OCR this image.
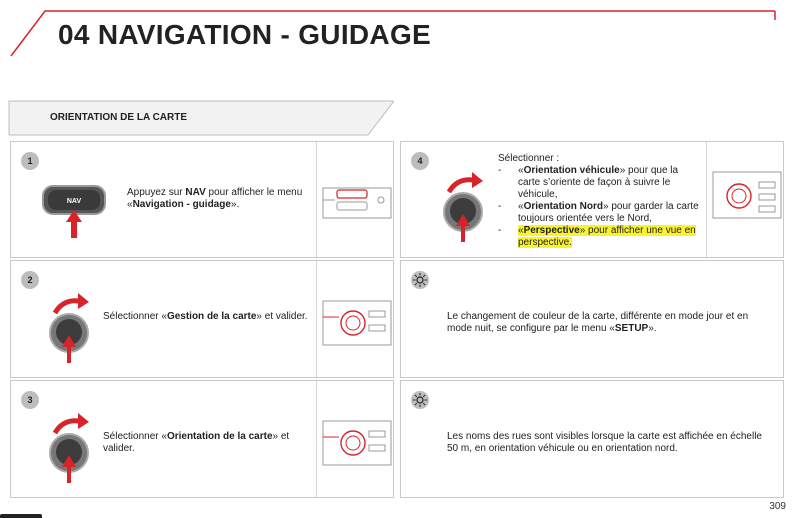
04 NAVIGATION - GUIDAGE
ORIENTATION DE LA CARTE
1
NAV
Appuyez sur NAV pour afficher le menu «Navigation - guidage».
2
Sélectionner «Gestion de la carte» et valider.
3
Sélectionner «Orientation de la carte» et valider.
4	Sélectionner :
- «Orientation véhicule» pour que la carte s’oriente de façon à suivre le véhicule,
- «Orientation Nord» pour garder la carte toujours orientée vers le Nord,
- «Perspective» pour afficher une vue en perspective.
Le changement de couleur de la carte, différente en mode jour et en mode nuit, se configure par le menu «SETUP».
Les noms des rues sont visibles lorsque la carte est affichée en échelle 50 m, en orientation véhicule ou en orientation nord.
309
